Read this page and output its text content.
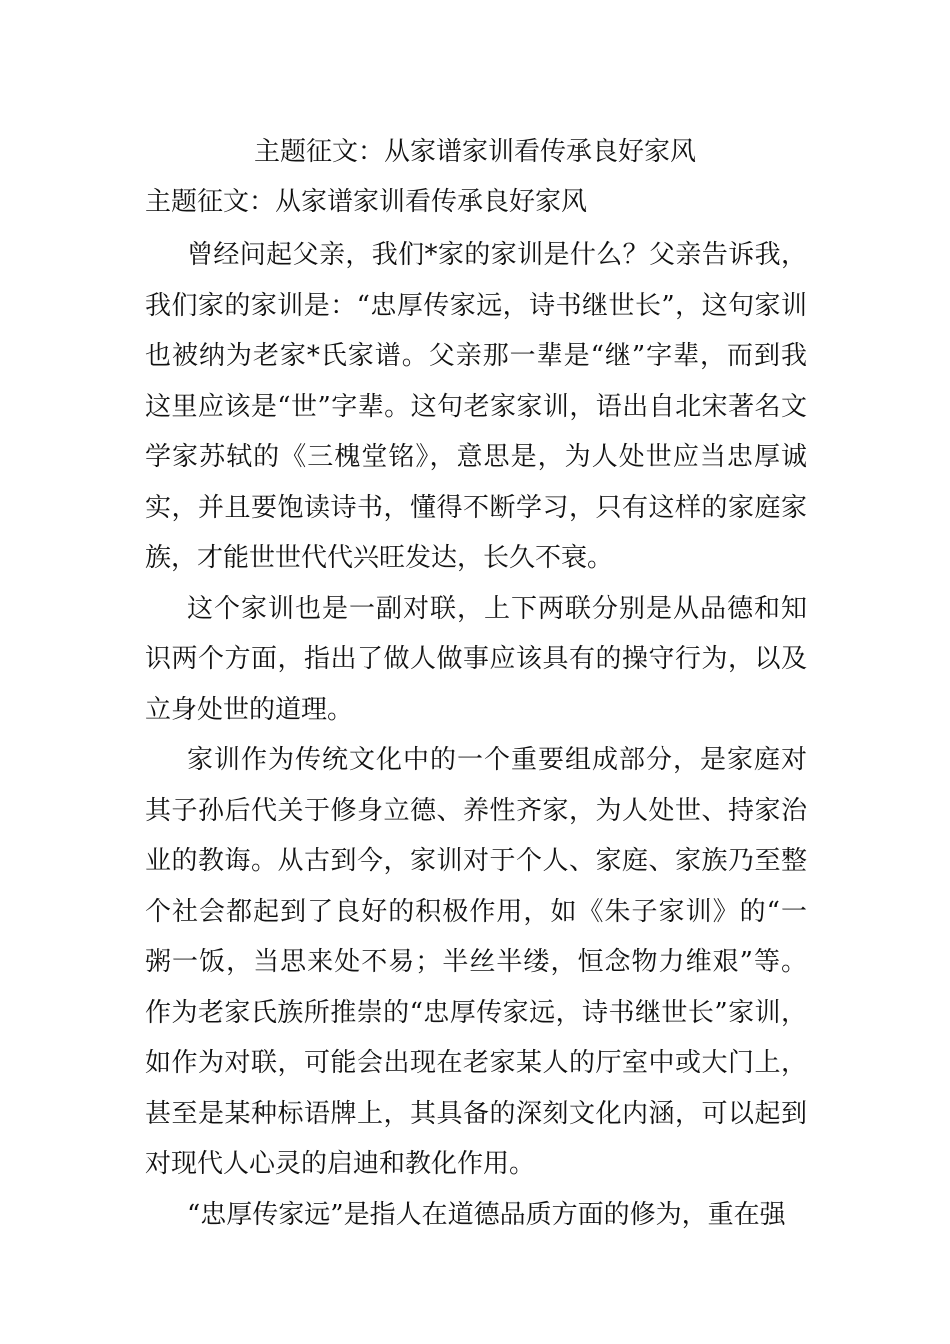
主题征文：从家谱家训看传承良好家风
主题征文：从家谱家训看传承良好家风

曾经问起父亲，我们*家的家训是什么？父亲告诉我，我们家的家训是：“忠厚传家远，诗书继世长”，这句家训也被纳为老家*氏家谱。父亲那一辈是“继”字辈，而到我这里应该是“世”字辈。这句老家家训，语出自北宋著名文学家苏轼的《三槐堂铭》，意思是，为人处世应当忠厚诚实，并且要饱读诗书，懂得不断学习，只有这样的家庭家族，才能世世代代兴旺发达，长久不衰。

这个家训也是一副对联，上下两联分别是从品德和知识两个方面，指出了做人做事应该具有的操守行为，以及立身处世的道理。

家训作为传统文化中的一个重要组成部分，是家庭对其子孙后代关于修身立德、养性齐家，为人处世、持家治业的教诲。从古到今，家训对于个人、家庭、家族乃至整个社会都起到了良好的积极作用，如《朱子家训》的“一粥一饭，当思来处不易；半丝半缕，恒念物力维艰”等。作为老家氏族所推崇的“忠厚传家远，诗书继世长”家训，如作为对联，可能会出现在老家某人的厅室中或大门上，甚至是某种标语牌上，其具备的深刻文化内涵，可以起到对现代人心灵的启迪和教化作用。

“忠厚传家远”是指人在道德品质方面的修为，重在强
